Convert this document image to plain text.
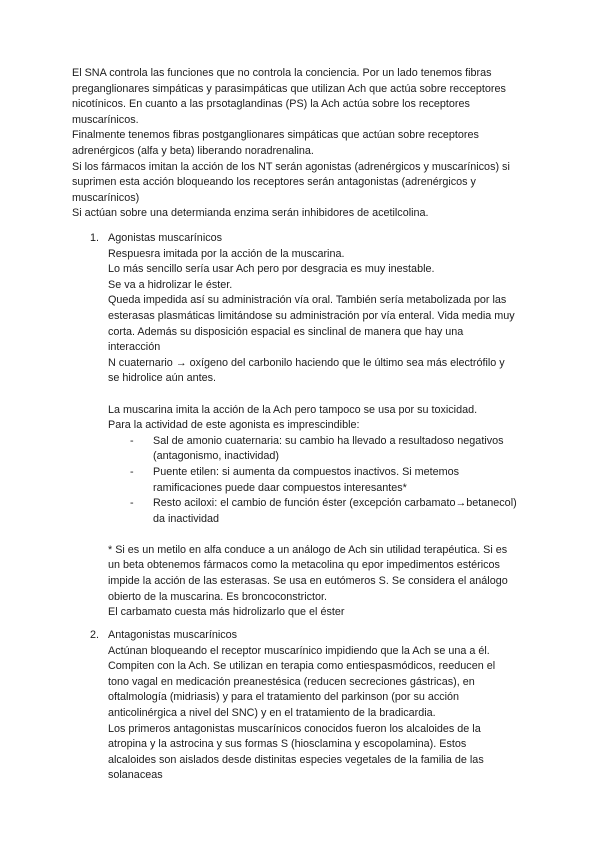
El SNA controla las funciones que no controla la conciencia. Por un lado tenemos fibras

preganglionares simpáticas y parasimpáticas que utilizan Ach que actúa sobre recceptores

nicotínicos. En cuanto a las prsotaglandinas (PS) la Ach actúa sobre los receptores

muscarínicos.

Finalmente tenemos fibras postganglionares simpáticas que actúan sobre receptores

adrenérgicos (alfa y beta) liberando noradrenalina.

Si los fármacos imitan la acción de los NT serán agonistas (adrenérgicos y muscarínicos) si

suprimen esta acción bloqueando los receptores serán antagonistas (adrenérgicos y

muscarínicos)

Si actúan sobre una determianda enzima serán inhibidores de acetilcolina.

1. Agonistas muscarínicos

Respuesra imitada por la acción de la muscarina.

Lo más sencillo sería usar Ach pero por desgracia es muy inestable.

Se va a hidrolizar le éster.

Queda impedida así su administración vía oral. También sería metabolizada por las

esterasas plasmáticas limitándose su administración por vía enteral. Vida media muy

corta. Además su disposición espacial es sinclinal de manera que hay una

interacción

N cuaternario → oxígeno del carbonilo haciendo que le último sea más electrófilo y

se hidrolice aún antes.

La muscarina imita la acción de la Ach pero tampoco se usa por su toxicidad.

Para la actividad de este agonista es imprescindible:

-	Sal de amonio cuaternaria: su cambio ha llevado a resultadoso negativos
(antagonismo, inactividad)
-	Puente etilen: si aumenta da compuestos inactivos. Si metemos
ramificaciones puede daar compuestos interesantes*
-	Resto aciloxi: el cambio de función éster (excepción carbamato→betanecol)
da inactividad

* Si es un metilo en alfa conduce a un análogo de Ach sin utilidad terapéutica. Si es

un beta obtenemos fármacos como la metacolina qu epor impedimentos estéricos

impide la acción de las esterasas. Se usa en eutómeros S. Se considera el análogo

obierto de la muscarina. Es broncoconstrictor.

El carbamato cuesta más hidrolizarlo que el éster

2. Antagonistas muscarínicos

Actúnan bloqueando el receptor muscarínico impidiendo que la Ach se una a él.

Compiten con la Ach. Se utilizan en terapia como entiespasmódicos, reeducen el

tono vagal en medicación preanestésica (reducen secreciones gástricas), en

oftalmología (midriasis) y para el tratamiento del parkinson (por su acción

anticolinérgica a nivel del SNC) y en el tratamiento de la bradicardia.

Los primeros antagonistas muscarínicos conocidos fueron los alcaloides de la

atropina y la astrocina y sus formas S (hiosclamina y escopolamina). Estos

alcaloides son aislados desde distinitas especies vegetales de la familia de las

solanaceas
